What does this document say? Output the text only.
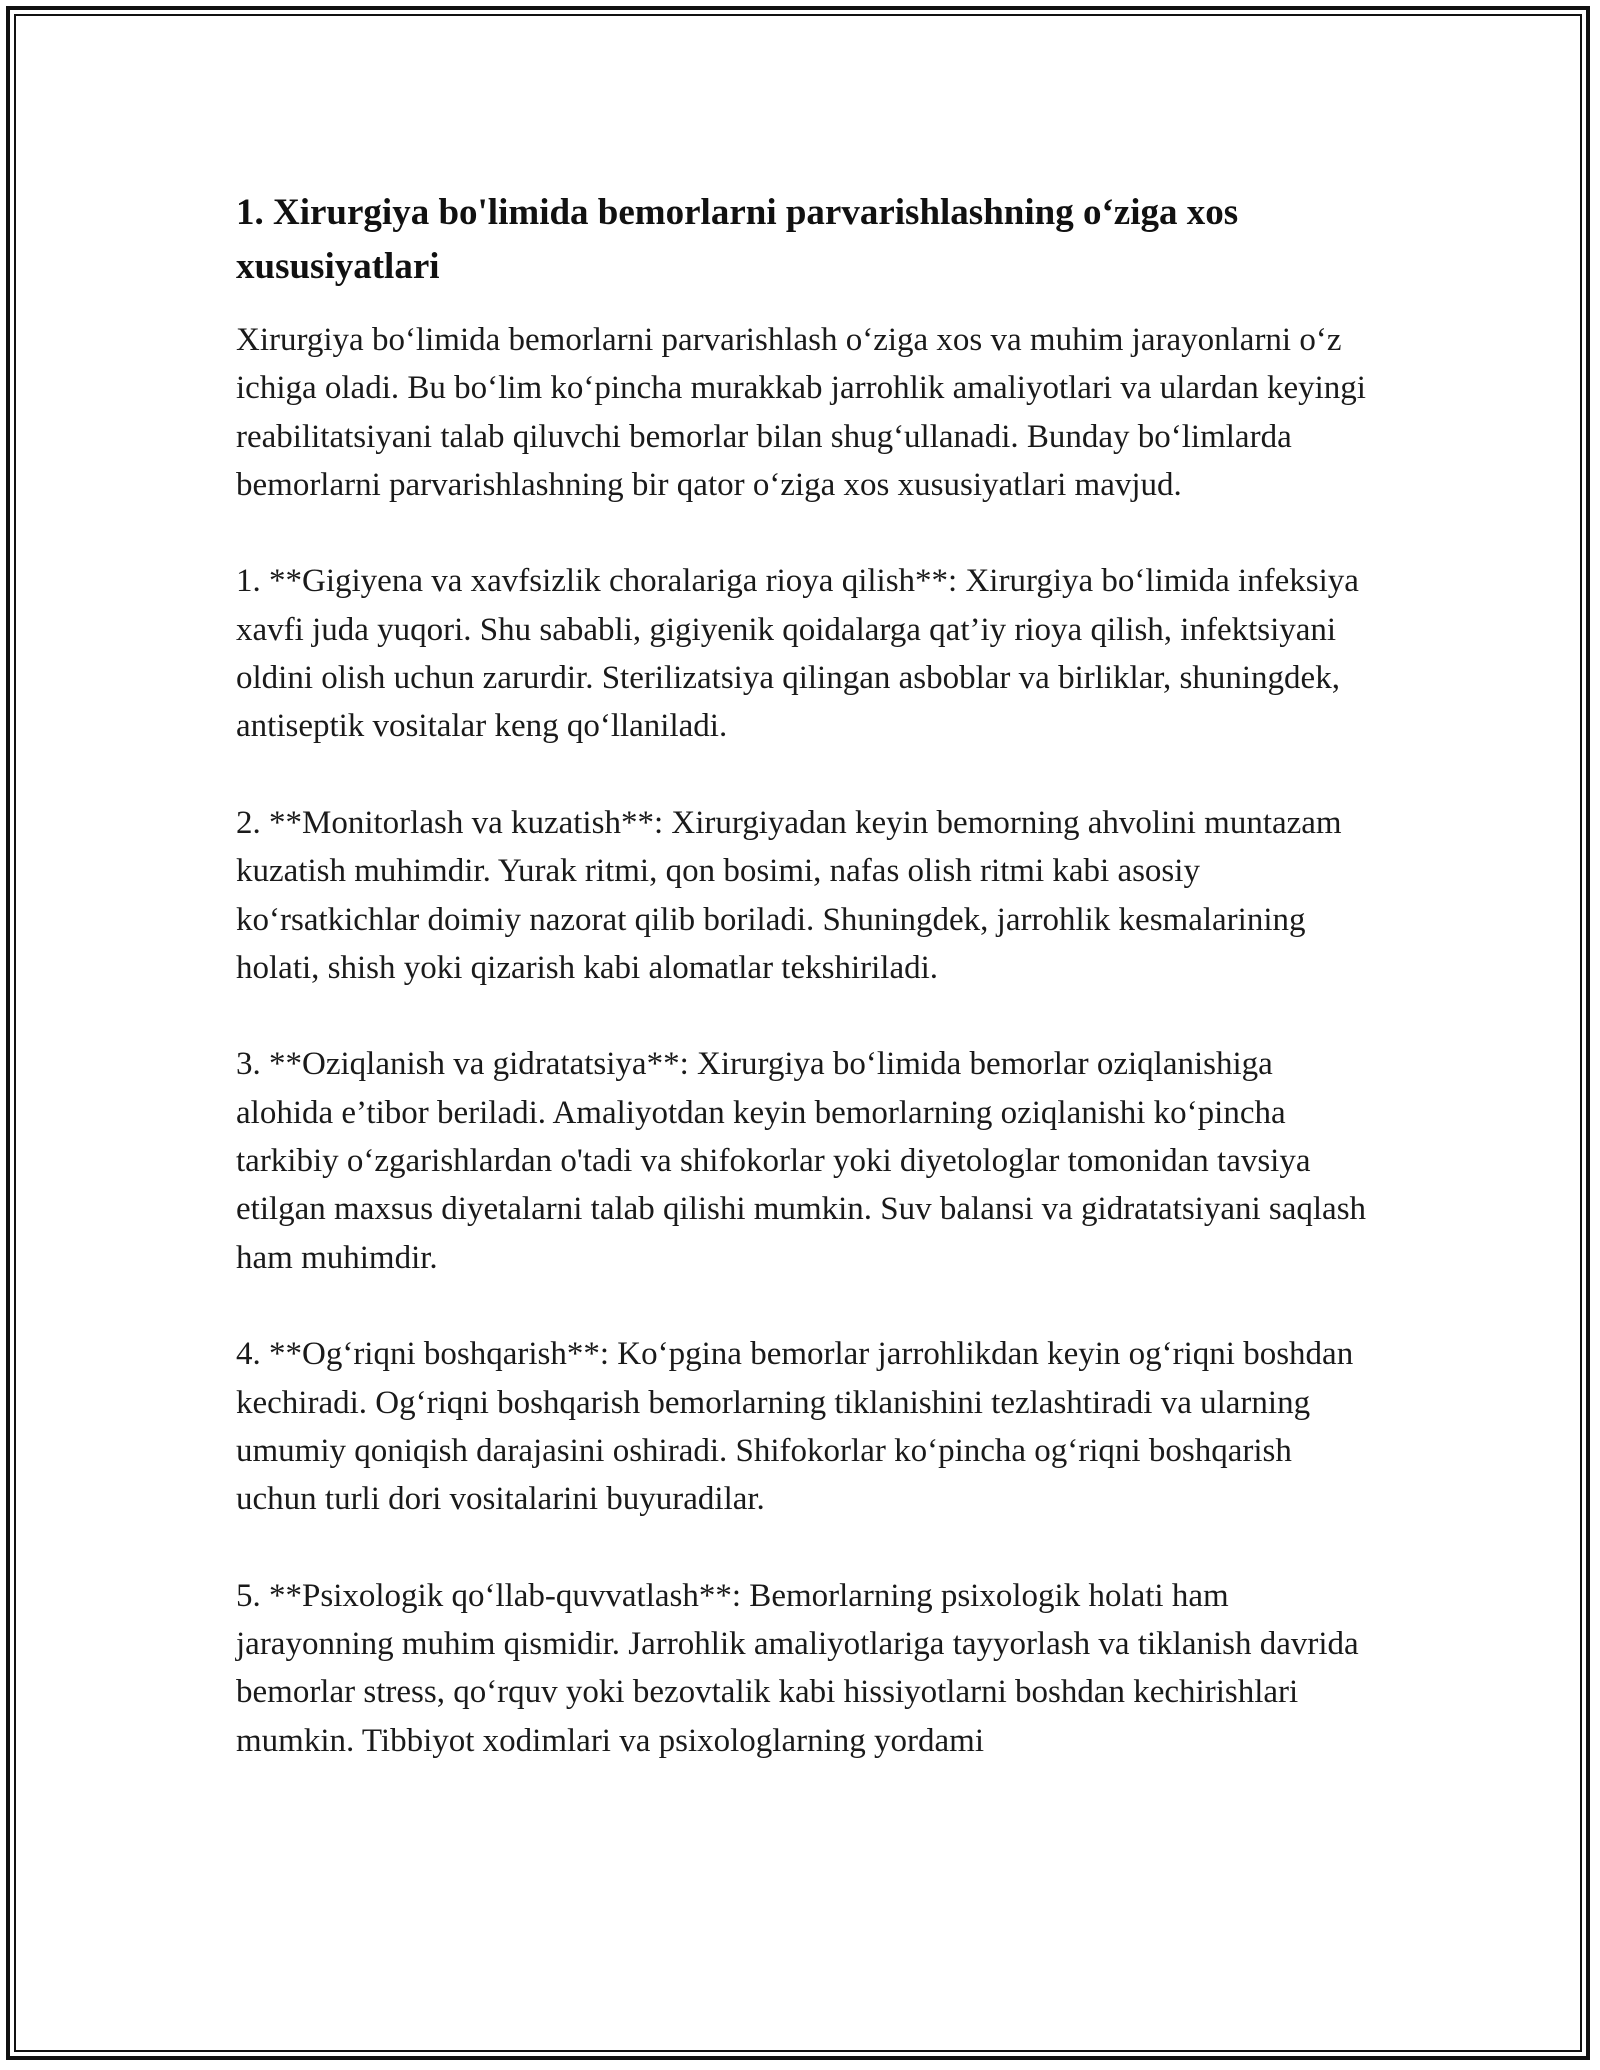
1. Xirurgiya bo'limida bemorlarni parvarishlashning o‘ziga xos xususiyatlari

Xirurgiya bo‘limida bemorlarni parvarishlash o‘ziga xos va muhim jarayonlarni o‘z ichiga oladi. Bu bo‘lim ko‘pincha murakkab jarrohlik amaliyotlari va ulardan keyingi reabilitatsiyani talab qiluvchi bemorlar bilan shug‘ullanadi. Bunday bo‘limlarda bemorlarni parvarishlashning bir qator o‘ziga xos xususiyatlari mavjud.

1. **Gigiyena va xavfsizlik choralariga rioya qilish**: Xirurgiya bo‘limida infeksiya xavfi juda yuqori. Shu sababli, gigiyenik qoidalarga qat’iy rioya qilish, infektsiyani oldini olish uchun zarurdir. Sterilizatsiya qilingan asboblar va birliklar, shuningdek, antiseptik vositalar keng qo‘llaniladi.

2. **Monitorlash va kuzatish**: Xirurgiyadan keyin bemorning ahvolini muntazam kuzatish muhimdir. Yurak ritmi, qon bosimi, nafas olish ritmi kabi asosiy ko‘rsatkichlar doimiy nazorat qilib boriladi. Shuningdek, jarrohlik kesmalarining holati, shish yoki qizarish kabi alomatlar tekshiriladi.

3. **Oziqlanish va gidratatsiya**: Xirurgiya bo‘limida bemorlar oziqlanishiga alohida e’tibor beriladi. Amaliyotdan keyin bemorlarning oziqlanishi ko‘pincha tarkibiy o‘zgarishlardan o'tadi va shifokorlar yoki diyetologlar tomonidan tavsiya etilgan maxsus diyetalarni talab qilishi mumkin. Suv balansi va gidratatsiyani saqlash ham muhimdir.

4. **Og‘riqni boshqarish**: Ko‘pgina bemorlar jarrohlikdan keyin og‘riqni boshdan kechiradi. Og‘riqni boshqarish bemorlarning tiklanishini tezlashtiradi va ularning umumiy qoniqish darajasini oshiradi. Shifokorlar ko‘pincha og‘riqni boshqarish uchun turli dori vositalarini buyuradilar.

5. **Psixologik qo‘llab-quvvatlash**: Bemorlarning psixologik holati ham jarayonning muhim qismidir. Jarrohlik amaliyotlariga tayyorlash va tiklanish davrida bemorlar stress, qo‘rquv yoki bezovtalik kabi hissiyotlarni boshdan kechirishlari mumkin. Tibbiyot xodimlari va psixologlarning yordami
